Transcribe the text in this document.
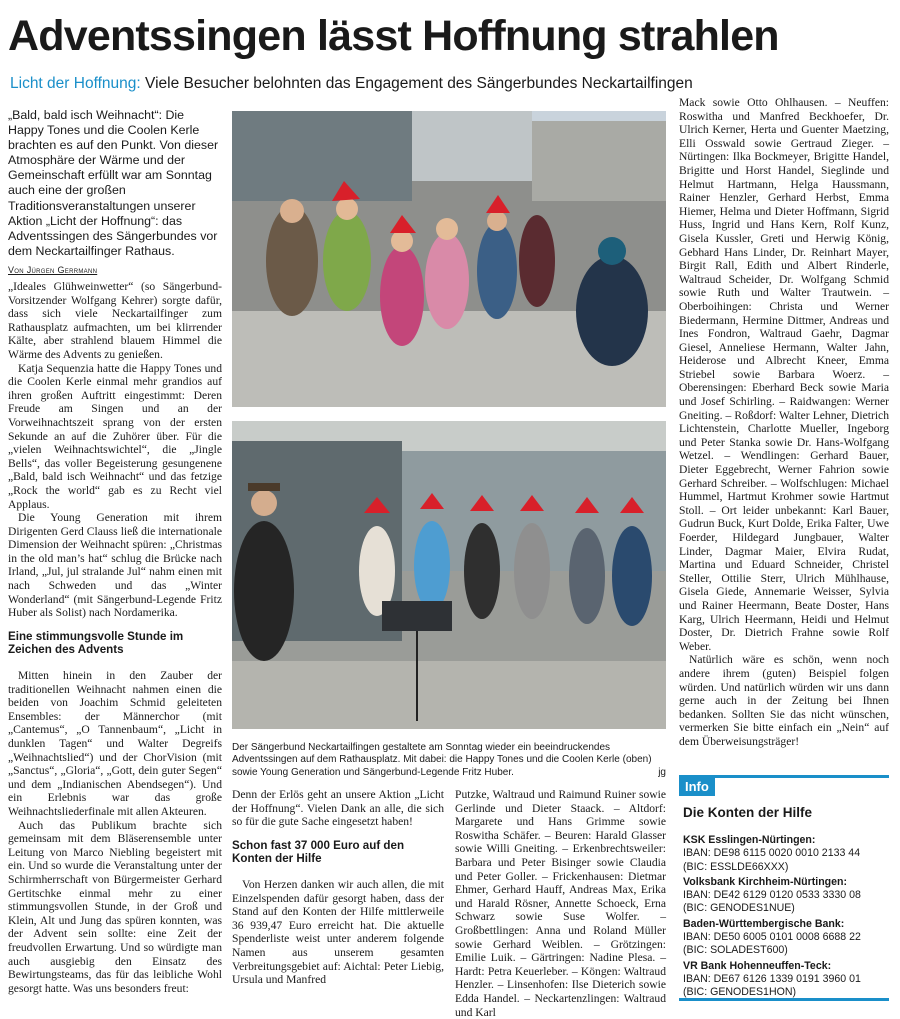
Adventssingen lässt Hoffnung strahlen
Licht der Hoffnung: Viele Besucher belohnten das Engagement des Sängerbundes Neckartailfingen

„Bald, bald isch Weihnacht“: Die Happy Tones und die Coolen Kerle brachten es auf den Punkt. Von dieser Atmosphäre der Wärme und der Gemeinschaft erfüllt war am Sonntag auch eine der großen Traditionsveranstaltungen unserer Aktion „Licht der Hoffnung“: das Adventssingen des Sängerbundes vor dem Neckartailfinger Rathaus.

Von Jürgen Gerrmann

„Ideales Glühweinwetter“ (so Sängerbund-Vorsitzender Wolfgang Kehrer) sorgte dafür, dass sich viele Neckartailfinger zum Rathausplatz aufmachten, um bei klirrender Kälte, aber strahlend blauem Himmel die Wärme des Advents zu genießen.

Katja Sequenzia hatte die Happy Tones und die Coolen Kerle einmal mehr grandios auf ihren großen Auftritt eingestimmt: Deren Freude am Singen und an der Vorweihnachtszeit sprang von der ersten Sekunde an auf die Zuhörer über. Für die „vielen Weihnachtswichtel“, die „Jingle Bells“, das voller Begeisterung gesungenene „Bald, bald isch Weihnacht“ und das fetzige „Rock the world“ gab es zu Recht viel Applaus.

Die Young Generation mit ihrem Dirigenten Gerd Clauss ließ die internationale Dimension der Weihnacht spüren: „Christmas in the old man’s hat“ schlug die Brücke nach Irland, „Jul, jul stralande Jul“ nahm einen mit nach Schweden und das „Winter Wonderland“ (mit Sängerbund-Legende Fritz Huber als Solist) nach Nordamerika.

Eine stimmungsvolle Stunde im Zeichen des Advents

Mitten hinein in den Zauber der traditionellen Weihnacht nahmen einen die beiden von Joachim Schmid geleiteten Ensembles: der Männerchor (mit „Cantemus“, „O Tannenbaum“, „Licht in dunklen Tagen“ und Walter Degreifs „Weihnachtslied“) und der ChorVision (mit „Sanctus“, „Gloria“, „Gott, dein guter Segen“ und dem „Indianischen Abendsegen“). Und ein Erlebnis war das große Weihnachtsliederfinale mit allen Akteuren.

Auch das Publikum brachte sich gemeinsam mit dem Bläserensemble unter Leitung von Marco Niebling begeistert mit ein. Und so wurde die Veranstaltung unter der Schirmherrschaft von Bürgermeister Gerhard Gertitschke einmal mehr zu einer stimmungsvollen Stunde, in der Groß und Klein, Alt und Jung das spüren konnten, was der Advent sein sollte: eine Zeit der freudvollen Erwartung. Und so würdigte man auch ausgiebig den Einsatz des Bewirtungsteams, das für das leibliche Wohl gesorgt hatte. Was uns besonders freut:

Der Sängerbund Neckartailfingen gestaltete am Sonntag wieder ein beeindruckendes Adventssingen auf dem Rathausplatz. Mit dabei: die Happy Tones und die Coolen Kerle (oben) sowie Young Generation und Sängerbund-Legende Fritz Huber.	jg

Denn der Erlös geht an unsere Aktion „Licht der Hoffnung“. Vielen Dank an alle, die sich so für die gute Sache eingesetzt haben!

Schon fast 37 000 Euro auf den Konten der Hilfe

Von Herzen danken wir auch allen, die mit Einzelspenden dafür gesorgt haben, dass der Stand auf den Konten der Hilfe mittlerweile 36 939,47 Euro erreicht hat. Die aktuelle Spenderliste weist unter anderem folgende Namen aus unserem gesamten Verbreitungsgebiet auf: Aichtal: Peter Liebig, Ursula und Manfred

Putzke, Waltraud und Raimund Ruiner sowie Gerlinde und Dieter Staack. – Altdorf: Margarete und Hans Grimme sowie Roswitha Schäfer. – Beuren: Harald Glasser sowie Willi Gneiting. – Erkenbrechtsweiler: Barbara und Peter Bisinger sowie Claudia und Peter Goller. – Frickenhausen: Dietmar Ehmer, Gerhard Hauff, Andreas Max, Erika und Harald Rösner, Annette Schoeck, Erna Schwarz sowie Suse Wolfer. – Großbettlingen: Anna und Roland Müller sowie Gerhard Weiblen. – Grötzingen: Emilie Luik. – Gärtringen: Nadine Plesa. – Hardt: Petra Keuerleber. – Köngen: Waltraud Henzler. – Linsenhofen: Ilse Dieterich sowie Edda Handel. – Neckartenzlingen: Waltraud und Karl

Mack sowie Otto Ohlhausen. – Neuffen: Roswitha und Manfred Beckhoefer, Dr. Ulrich Kerner, Herta und Guenter Maetzing, Elli Osswald sowie Gertraud Zieger. – Nürtingen: Ilka Bockmeyer, Brigitte Handel, Brigitte und Horst Handel, Sieglinde und Helmut Hartmann, Helga Haussmann, Rainer Henzler, Gerhard Herbst, Emma Hiemer, Helma und Dieter Hoffmann, Sigrid Huss, Ingrid und Hans Kern, Rolf Kunz, Gisela Kussler, Greti und Herwig König, Gebhard Hans Linder, Dr. Reinhart Mayer, Birgit Rall, Edith und Albert Rinderle, Waltraud Scheider, Dr. Wolfgang Schmid sowie Ruth und Walter Trautwein. – Oberboihingen: Christa und Werner Biedermann, Hermine Dittmer, Andreas und Ines Fondron, Waltraud Gaehr, Dagmar Giesel, Anneliese Hermann, Walter Jahn, Heiderose und Albrecht Kneer, Emma Striebel sowie Barbara Woerz. – Oberensingen: Eberhard Beck sowie Maria und Josef Schirling. – Raidwangen: Werner Gneiting. – Roßdorf: Walter Lehner, Dietrich Lichtenstein, Charlotte Mueller, Ingeborg und Peter Stanka sowie Dr. Hans-Wolfgang Wetzel. – Wendlingen: Gerhard Bauer, Dieter Eggebrecht, Werner Fahrion sowie Gerhard Schreiber. – Wolfschlugen: Michael Hummel, Hartmut Krohmer sowie Hartmut Stoll. – Ort leider unbekannt: Karl Bauer, Gudrun Buck, Kurt Dolde, Erika Falter, Uwe Foerder, Hildegard Jungbauer, Walter Linder, Dagmar Maier, Elvira Rudat, Martina und Eduard Schneider, Christel Steller, Ottilie Sterr, Ulrich Mühlhause, Gisela Giede, Annemarie Weisser, Sylvia und Rainer Heermann, Beate Doster, Hans Karg, Ulrich Heermann, Heidi und Helmut Doster, Dr. Dietrich Frahne sowie Rolf Weber.

Natürlich wäre es schön, wenn noch andere ihrem (guten) Beispiel folgen würden. Und natürlich würden wir uns dann gerne auch in der Zeitung bei Ihnen bedanken. Sollten Sie das nicht wünschen, vermerken Sie bitte einfach ein „Nein“ auf dem Überweisungsträger!

Info
Die Konten der Hilfe
KSK Esslingen-Nürtingen:
IBAN: DE98 6115 0020 0010 2133 44
(BIC: ESSLDE66XXX)
Volksbank Kirchheim-Nürtingen:
IBAN: DE42 6129 0120 0533 3330 08
(BIC: GENODES1NUE)
Baden-Württembergische Bank:
IBAN: DE50 6005 0101 0008 6688 22
(BIC: SOLADEST600)
VR Bank Hohenneuffen-Teck:
IBAN: DE67 6126 1339 0191 3960 01
(BIC: GENODES1HON)
